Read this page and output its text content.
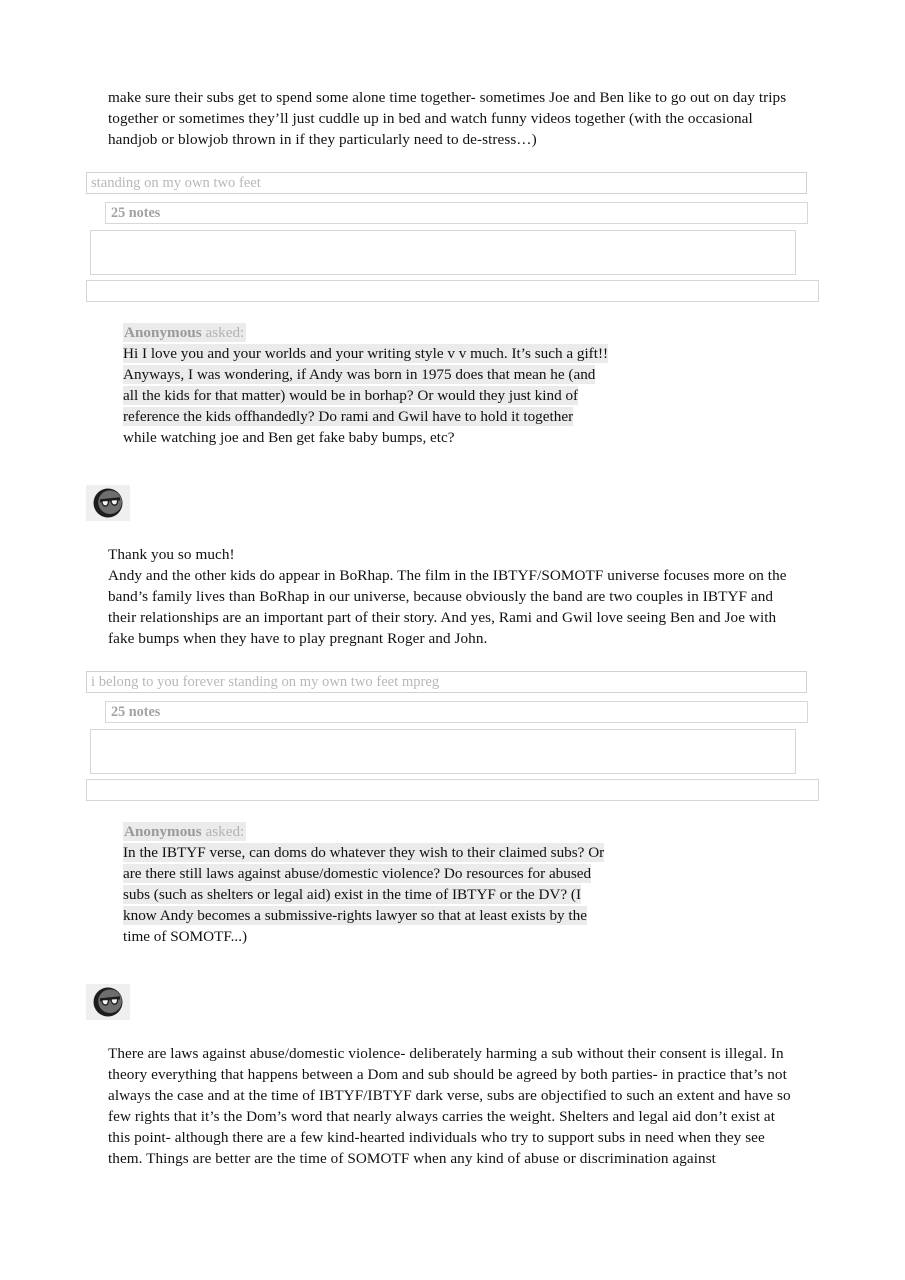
make sure their subs get to spend some alone time together- sometimes Joe and Ben like to go out on day trips together or sometimes they’ll just cuddle up in bed and watch funny videos together (with the occasional handjob or blowjob thrown in if they particularly need to de-stress…)

standing on my own two feet
25 notes
Anonymous asked:
Hi I love you and your worlds and your writing style v v much. It’s such a gift!!
Anyways, I was wondering, if Andy was born in 1975 does that mean he (and
all the kids for that matter) would be in borhap? Or would they just kind of
reference the kids offhandedly? Do rami and Gwil have to hold it together
while watching joe and Ben get fake baby bumps, etc?

Thank you so much!

Andy and the other kids do appear in BoRhap. The film in the IBTYF/SOMOTF universe focuses more on the band’s family lives than BoRhap in our universe, because obviously the band are two couples in IBTYF and their relationships are an important part of their story. And yes, Rami and Gwil love seeing Ben and Joe with fake bumps when they have to play pregnant Roger and John.

i belong to you forever standing on my own two feet mpreg
25 notes
Anonymous asked:
In the IBTYF verse, can doms do whatever they wish to their claimed subs? Or
are there still laws against abuse/domestic violence? Do resources for abused
subs (such as shelters or legal aid) exist in the time of IBTYF or the DV? (I
know Andy becomes a submissive-rights lawyer so that at least exists by the
time of SOMOTF...)

There are laws against abuse/domestic violence- deliberately harming a sub without their consent is illegal. In theory everything that happens between a Dom and sub should be agreed by both parties- in practice that’s not always the case and at the time of IBTYF/IBTYF dark verse, subs are objectified to such an extent and have so few rights that it’s the Dom’s word that nearly always carries the weight. Shelters and legal aid don’t exist at this point- although there are a few kind-hearted individuals who try to support subs in need when they see them. Things are better are the time of SOMOTF when any kind of abuse or discrimination against
